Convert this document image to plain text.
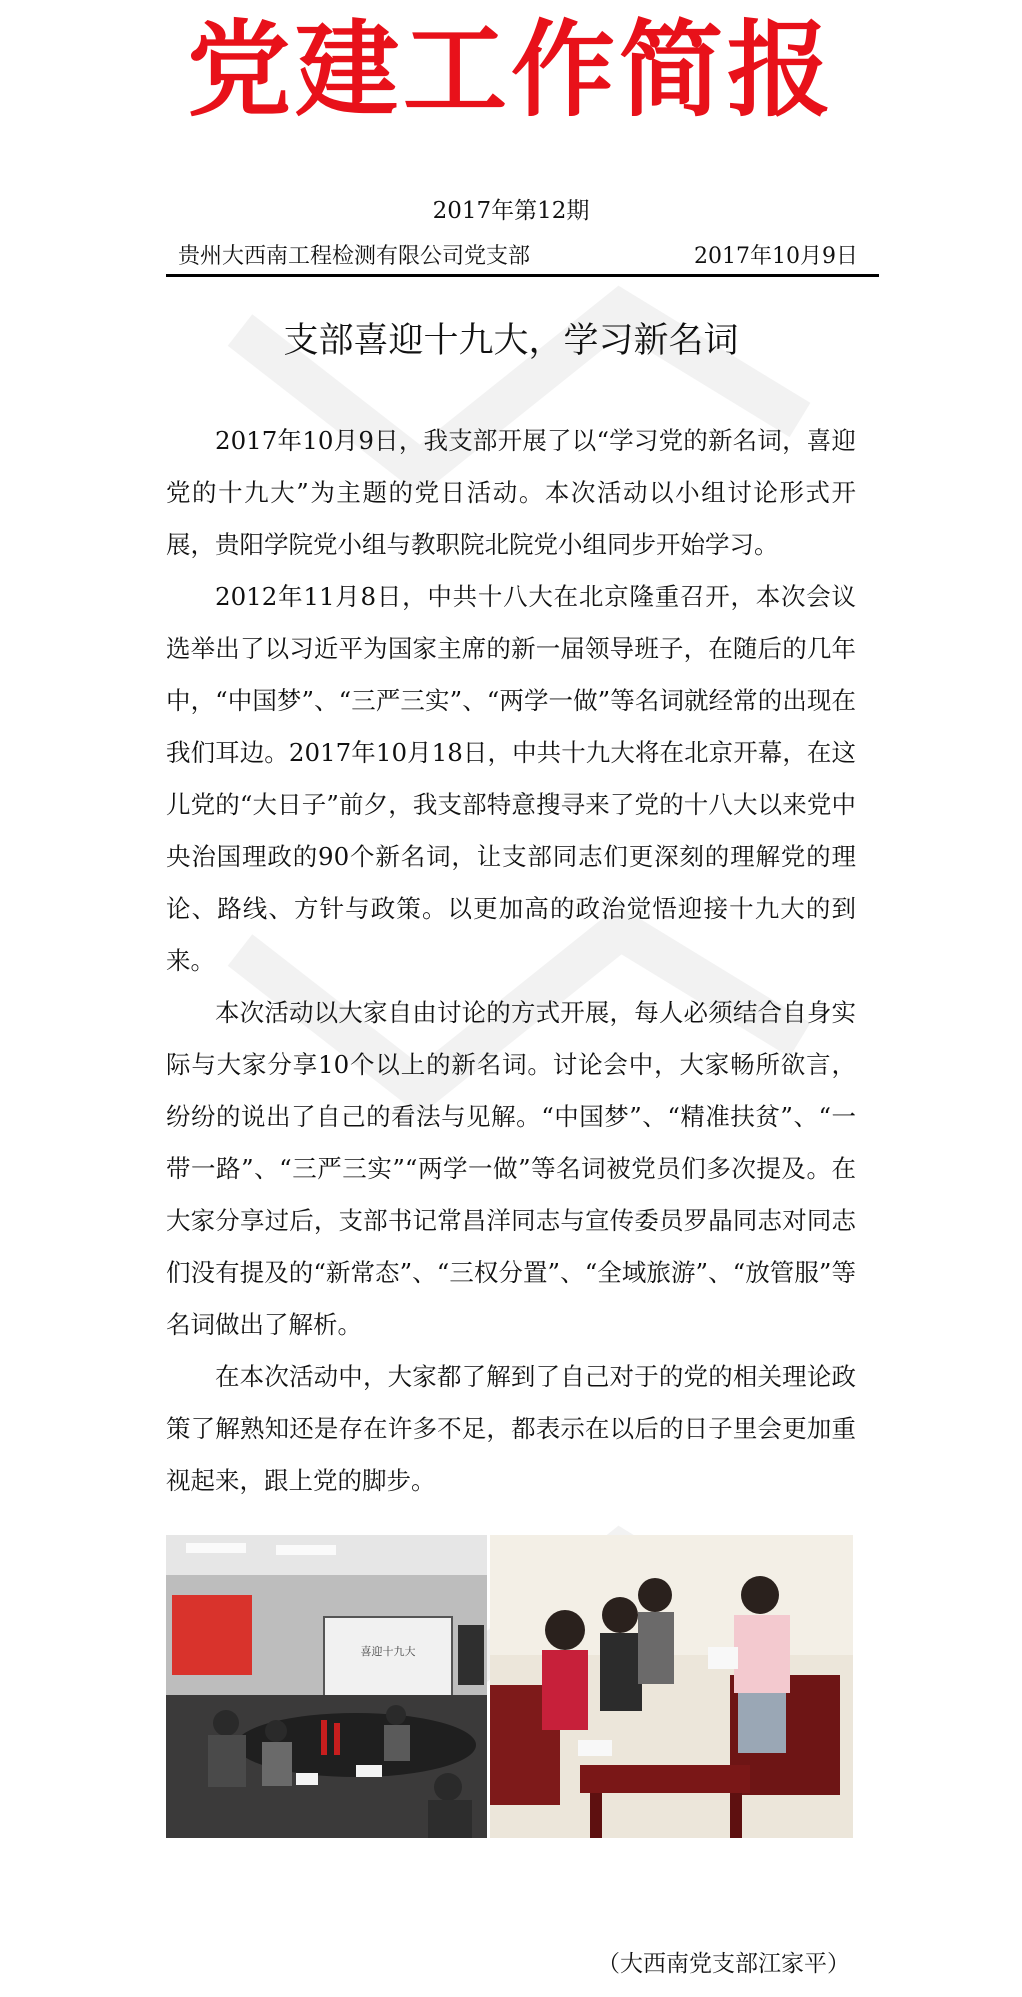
党建工作简报
2017年第12期
贵州大西南工程检测有限公司党支部	2017年10月9日
支部喜迎十九大，学习新名词

2017年10月9日，我支部开展了以“学习党的新名词，喜迎党的十九大”为主题的党日活动。本次活动以小组讨论形式开展，贵阳学院党小组与教职院北院党小组同步开始学习。

2012年11月8日，中共十八大在北京隆重召开，本次会议选举出了以习近平为国家主席的新一届领导班子，在随后的几年中，“中国梦”、“三严三实”、“两学一做”等名词就经常的出现在我们耳边。2017年10月18日，中共十九大将在北京开幕，在这儿党的“大日子”前夕，我支部特意搜寻来了党的十八大以来党中央治国理政的90个新名词，让支部同志们更深刻的理解党的理论、路线、方针与政策。以更加高的政治觉悟迎接十九大的到来。

本次活动以大家自由讨论的方式开展，每人必须结合自身实际与大家分享10个以上的新名词。讨论会中，大家畅所欲言，纷纷的说出了自己的看法与见解。“中国梦”、“精准扶贫”、“一带一路”、“三严三实”“两学一做”等名词被党员们多次提及。在大家分享过后，支部书记常昌洋同志与宣传委员罗晶同志对同志们没有提及的“新常态”、“三权分置”、“全域旅游”、“放管服”等名词做出了解析。

在本次活动中，大家都了解到了自己对于的党的相关理论政策了解熟知还是存在许多不足，都表示在以后的日子里会更加重视起来，跟上党的脚步。

喜迎十九大
（大西南党支部江家平）
